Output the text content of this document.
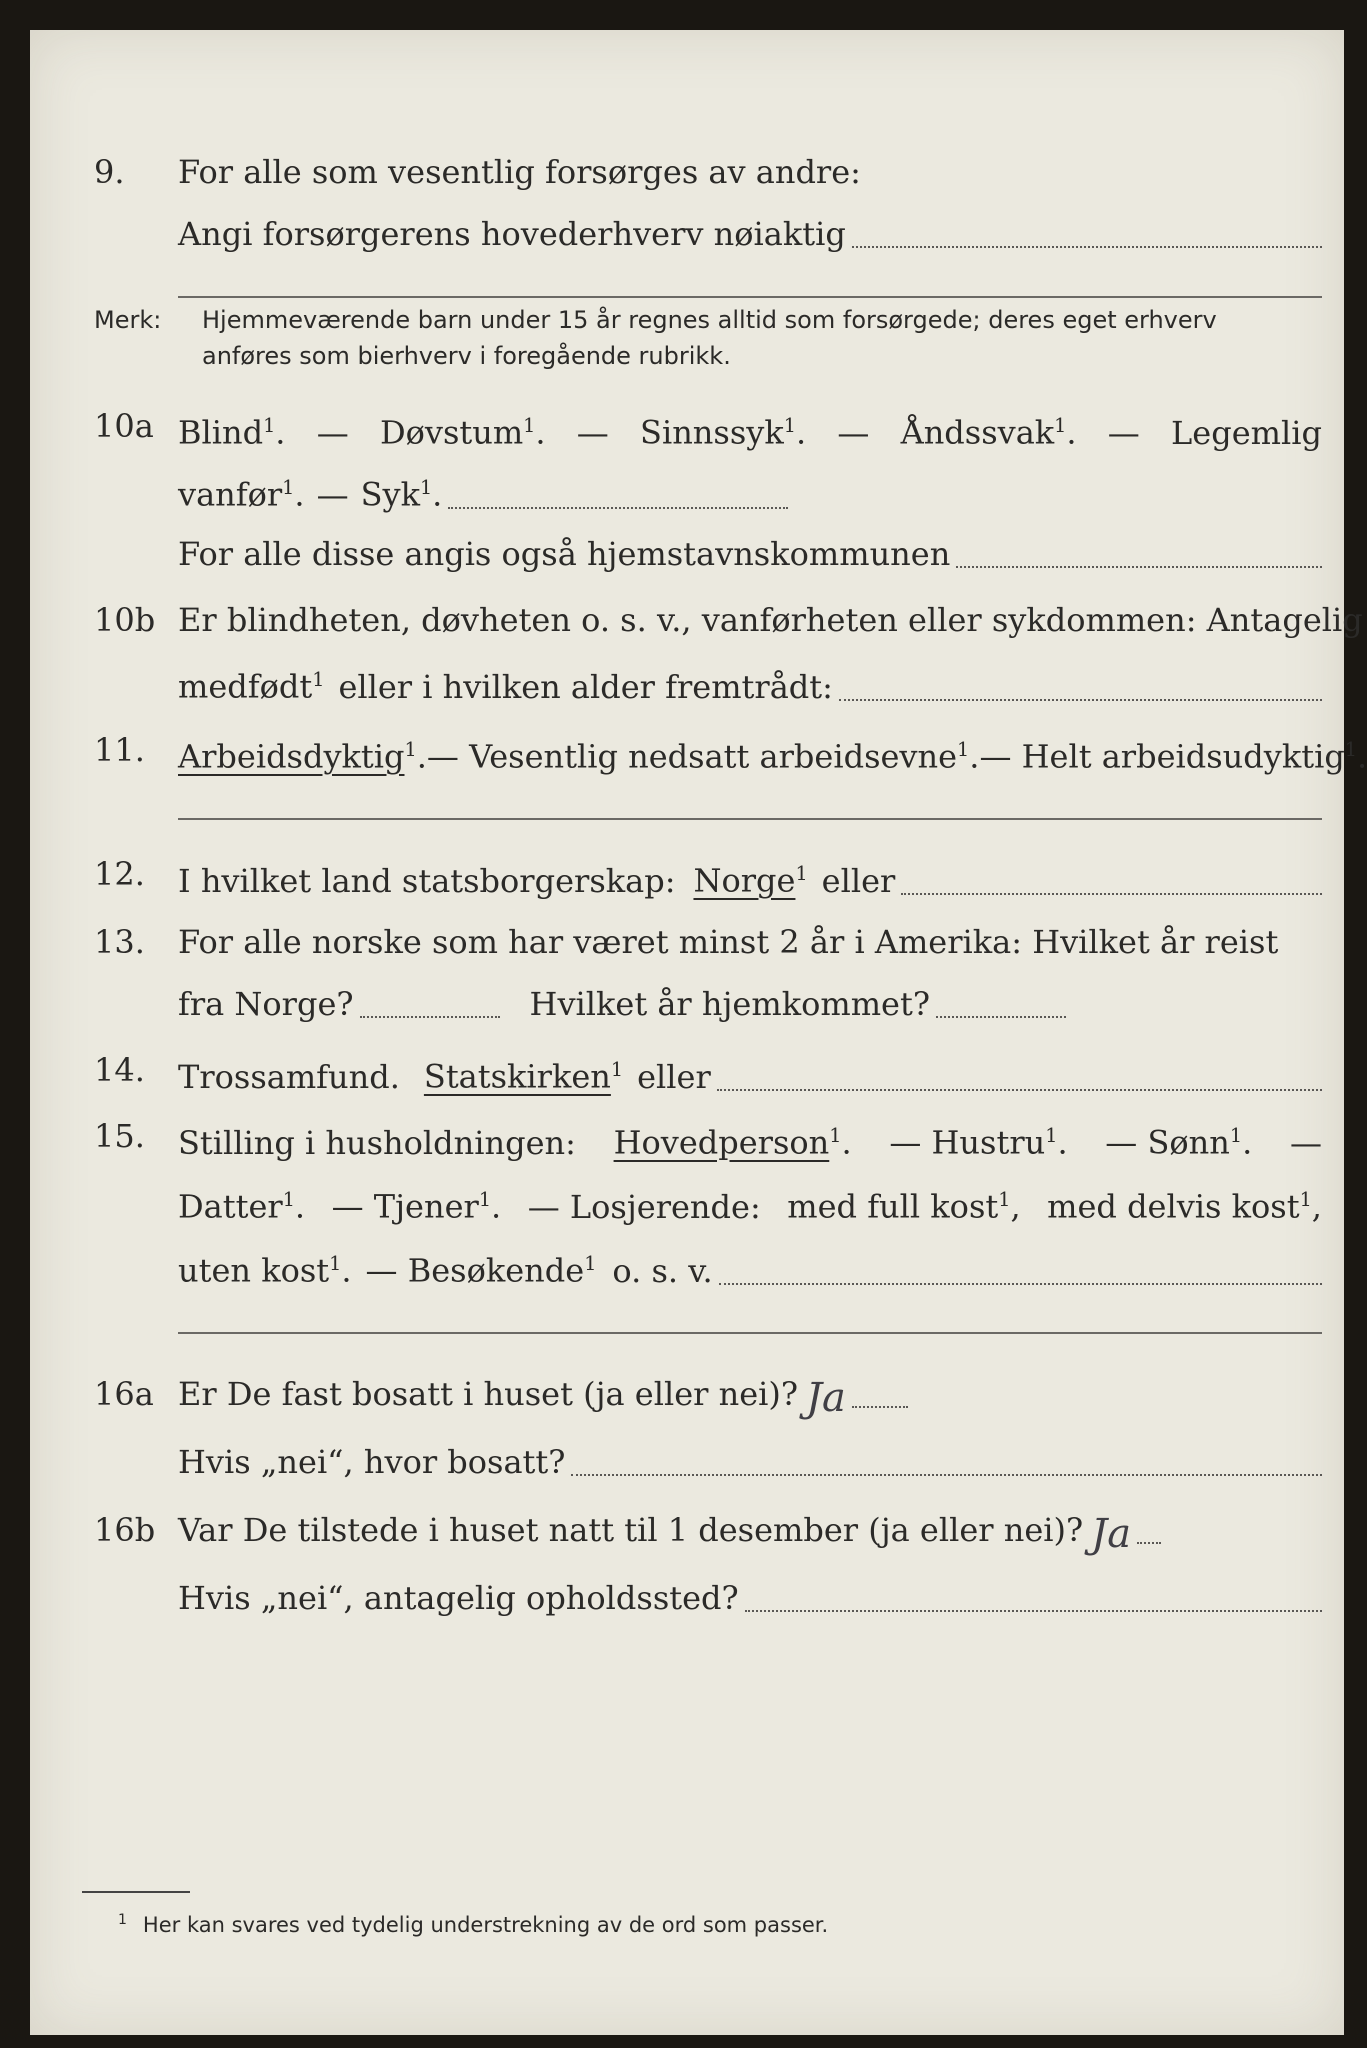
9. For alle som vesentlig forsørges av andre:
Angi forsørgerens hovederhverv nøiaktig
Merk: Hjemmeværende barn under 15 år regnes alltid som forsørgede; deres eget erhverv
anføres som bierhverv i foregående rubrikk.
10a Blind$^1$. — Døvstum$^1$. — Sinnssyk$^1$. — Åndssvak$^1$. — Legemlig
vanfør$^1$. — Syk$^1$.
For alle disse angis også hjemstavnskommunen
10b Er blindheten, døvheten o. s. v., vanførheten eller sykdommen: Antagelig
medfødt$^1$ eller i hvilken alder fremtrådt:
11. Arbeidsdyktig$^1$. — Vesentlig nedsatt arbeidsevne$^1$. — Helt arbeidsudyktig$^1$.
12. I hvilket land statsborgerskap: Norge$^1$ eller
13. For alle norske som har været minst 2 år i Amerika: Hvilket år reist
fra Norge?	Hvilket år hjemkommet?
14. Trossamfund. Statskirken$^1$ eller
15. Stilling i husholdningen: Hovedperson$^1$. — Hustru$^1$. — Sønn$^1$. —
Datter$^1$. — Tjener$^1$. — Losjerende: med full kost$^1$, med delvis kost$^1$,
uten kost$^1$. — Besøkende$^1$ o. s. v.
16a Er De fast bosatt i huset (ja eller nei)? Ja
Hvis „nei“, hvor bosatt?
16b Var De tilstede i huset natt til 1 desember (ja eller nei)? Ja
Hvis „nei“, antagelig opholdssted?
$^1$ Her kan svares ved tydelig understrekning av de ord som passer.
